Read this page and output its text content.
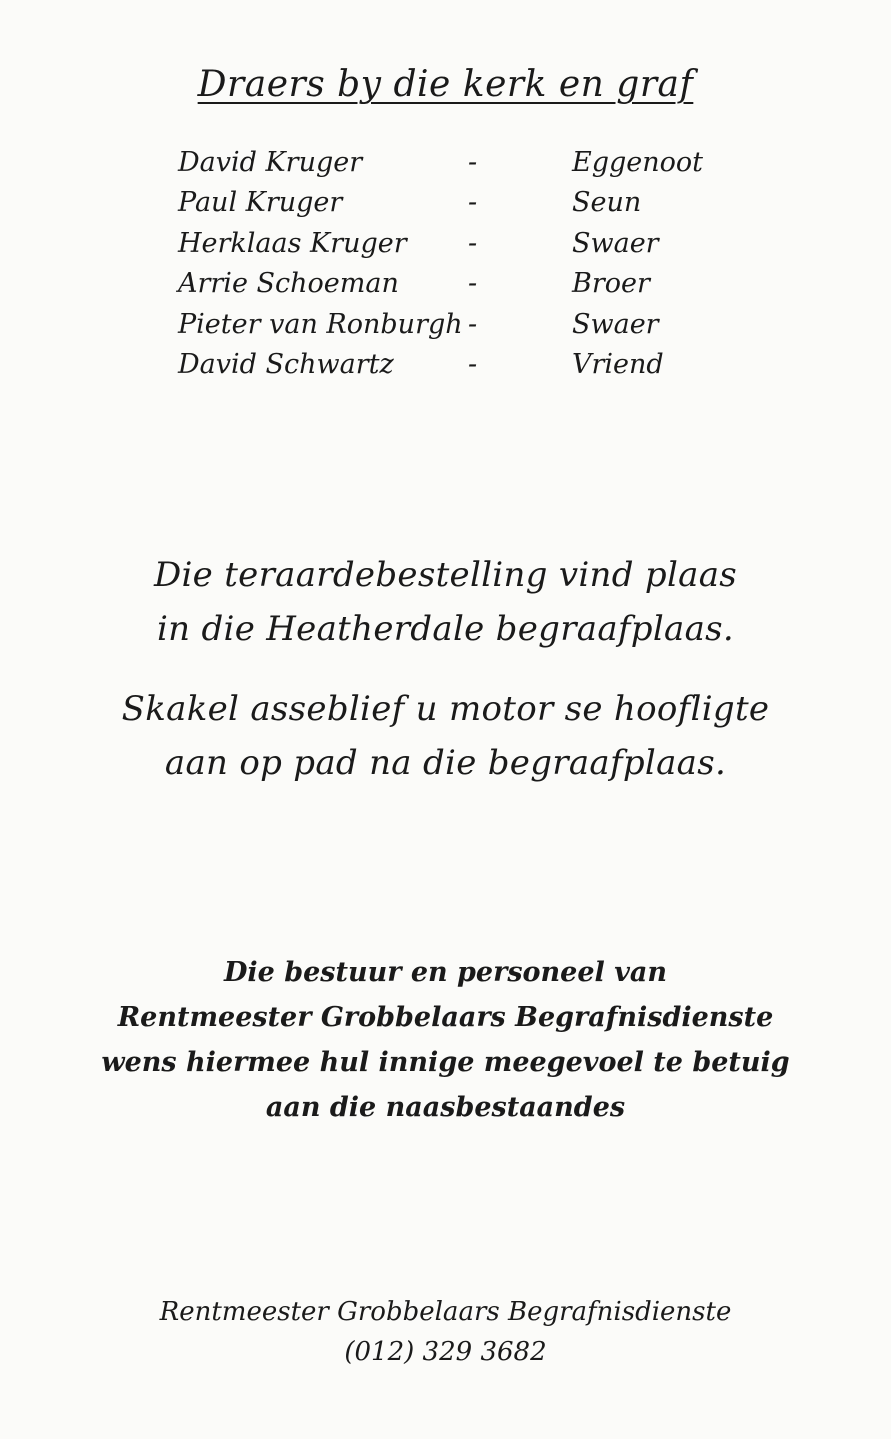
Draers by die kerk en graf
David Kruger	-	Eggenoot
Paul Kruger	-	Seun
Herklaas Kruger	-	Swaer
Arrie Schoeman	-	Broer
Pieter van Ronburgh -	Swaer
David Schwartz	-	Vriend
Die teraardebestelling vind plaas
in die Heatherdale begraafplaas.
Skakel asseblief u motor se hoofligte
aan op pad na die begraafplaas.
Die bestuur en personeel van
Rentmeester Grobbelaars Begrafnisdienste
wens hiermee hul innige meegevoel te betuig
aan die naasbestaandes
Rentmeester Grobbelaars Begrafnisdienste
(012) 329 3682
